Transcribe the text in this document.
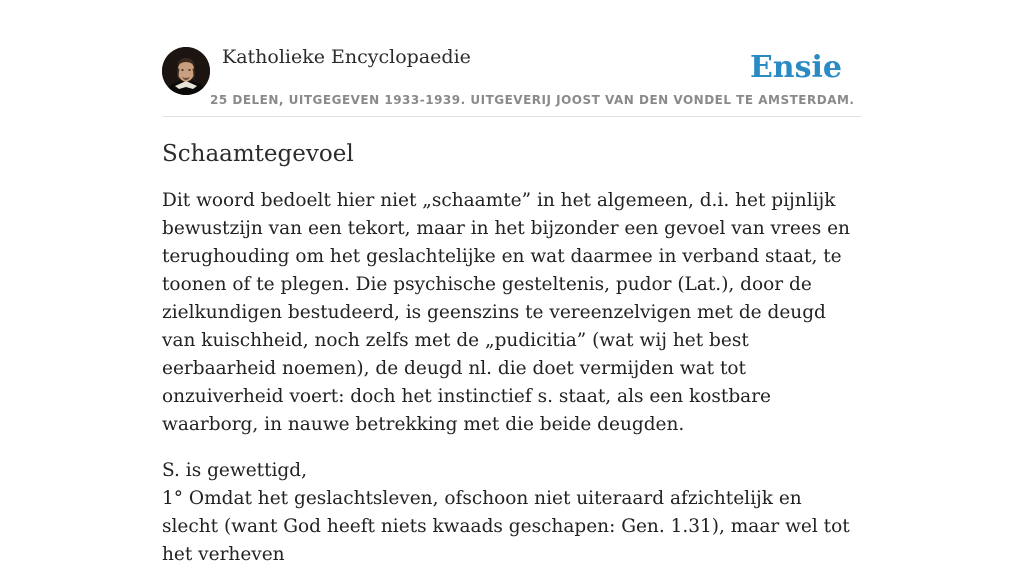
Katholieke Encyclopaedie
25 DELEN, UITGEGEVEN 1933-1939. UITGEVERIJ JOOST VAN DEN VONDEL TE AMSTERDAM.
Ensie
Schaamtegevoel

Dit woord bedoelt hier niet „schaamte” in het algemeen, d.i. het pijnlijk bewustzijn van een tekort, maar in het bijzonder een gevoel van vrees en terughouding om het geslachtelijke en wat daarmee in verband staat, te toonen of te plegen. Die psychische gesteltenis, pudor (Lat.), door de zielkundigen bestudeerd, is geenszins te vereenzelvigen met de deugd van kuischheid, noch zelfs met de „pudicitia” (wat wij het best eerbaarheid noemen), de deugd nl. die doet vermijden wat tot onzuiverheid voert: doch het instinctief s. staat, als een kostbare waarborg, in nauwe betrekking met die beide deugden.

S. is gewettigd,
1° Omdat het geslachtsleven, ofschoon niet uiteraard afzichtelijk en slecht (want God heeft niets kwaads geschapen: Gen. 1.31), maar wel tot het verheven
